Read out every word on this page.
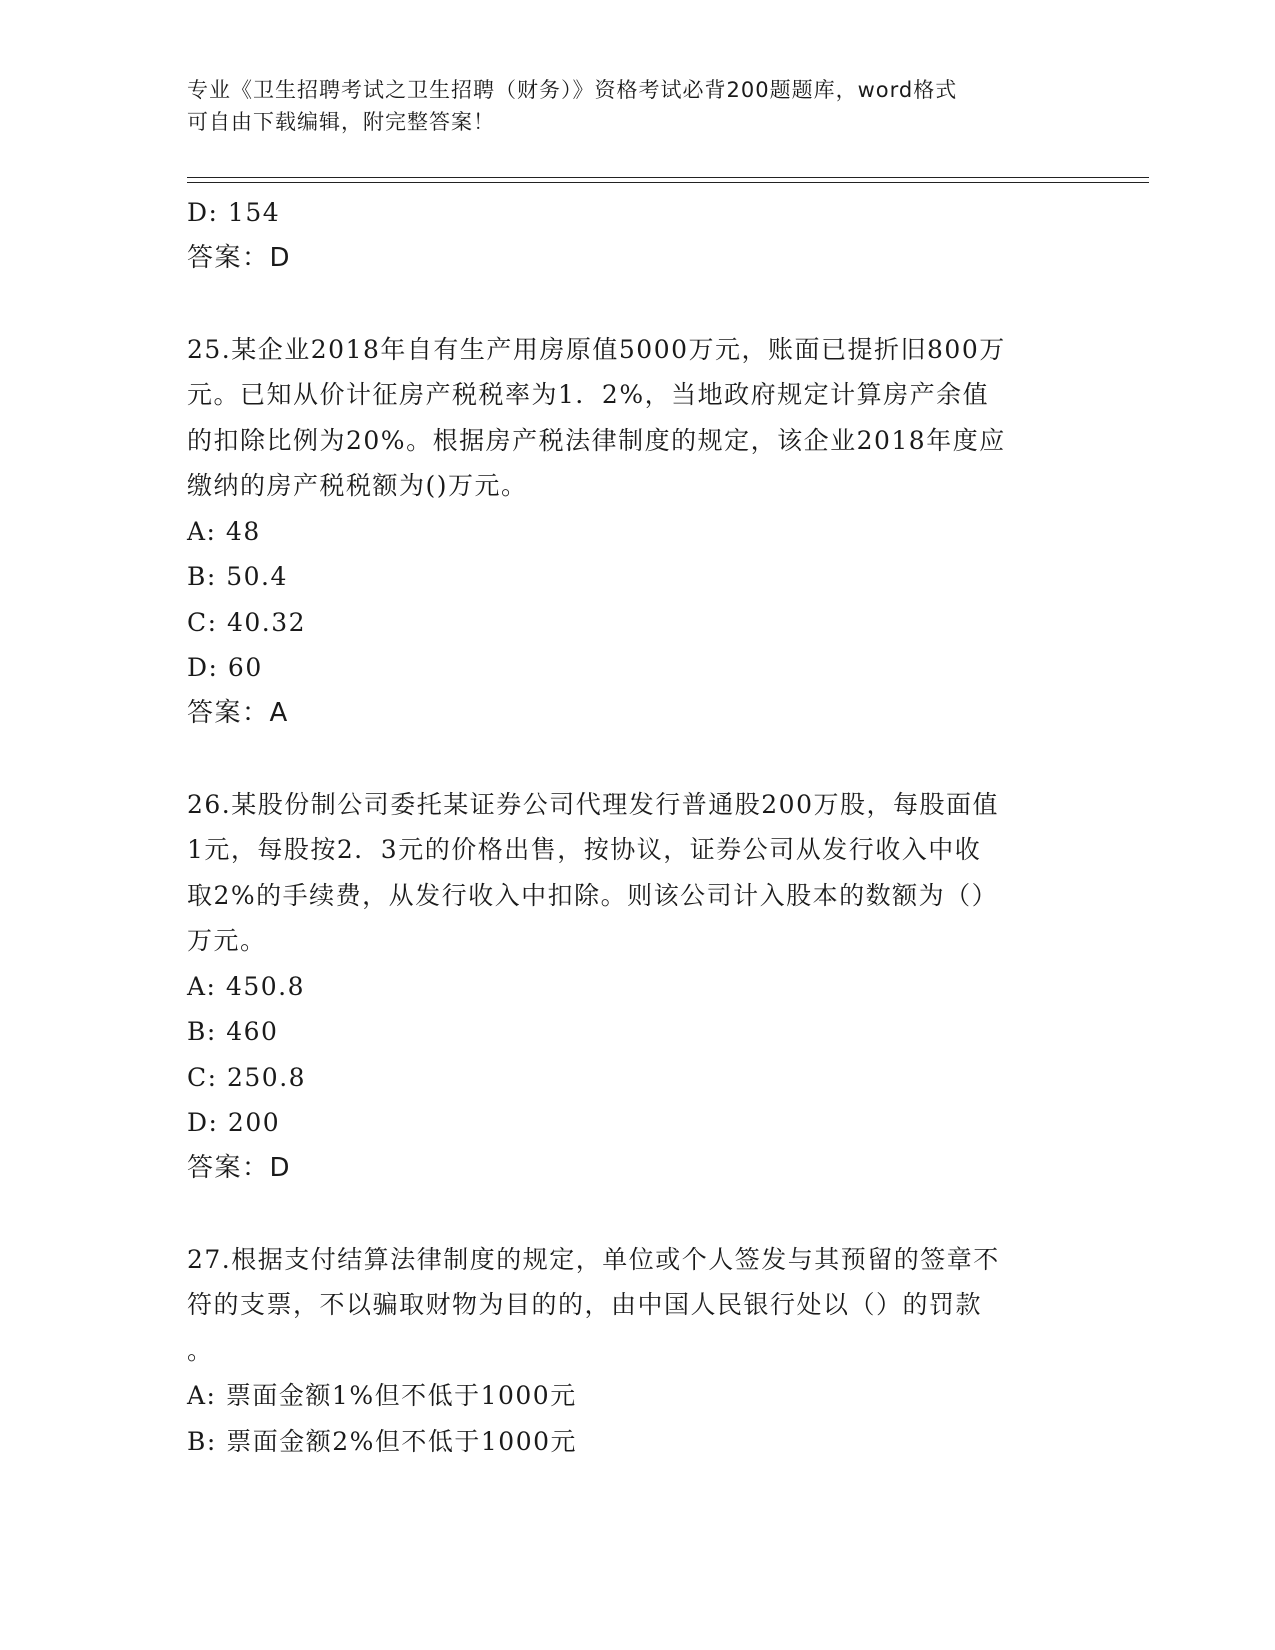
专业《卫生招聘考试之卫生招聘（财务）》资格考试必背200题题库，word格式
可自由下载编辑，附完整答案！
D: 154
答案：D
25.某企业2018年自有生产用房原值5000万元，账面已提折旧800万
元。已知从价计征房产税税率为1．2%，当地政府规定计算房产余值
的扣除比例为20%。根据房产税法律制度的规定，该企业2018年度应
缴纳的房产税税额为()万元。
A: 48
B: 50.4
C: 40.32
D: 60
答案：A
26.某股份制公司委托某证券公司代理发行普通股200万股，每股面值
1元，每股按2．3元的价格出售，按协议，证券公司从发行收入中收
取2%的手续费，从发行收入中扣除。则该公司计入股本的数额为（）
万元。
A: 450.8
B: 460
C: 250.8
D: 200
答案：D
27.根据支付结算法律制度的规定，单位或个人签发与其预留的签章不
符的支票，不以骗取财物为目的的，由中国人民银行处以（）的罚款
。
A: 票面金额1%但不低于1000元
B: 票面金额2%但不低于1000元
